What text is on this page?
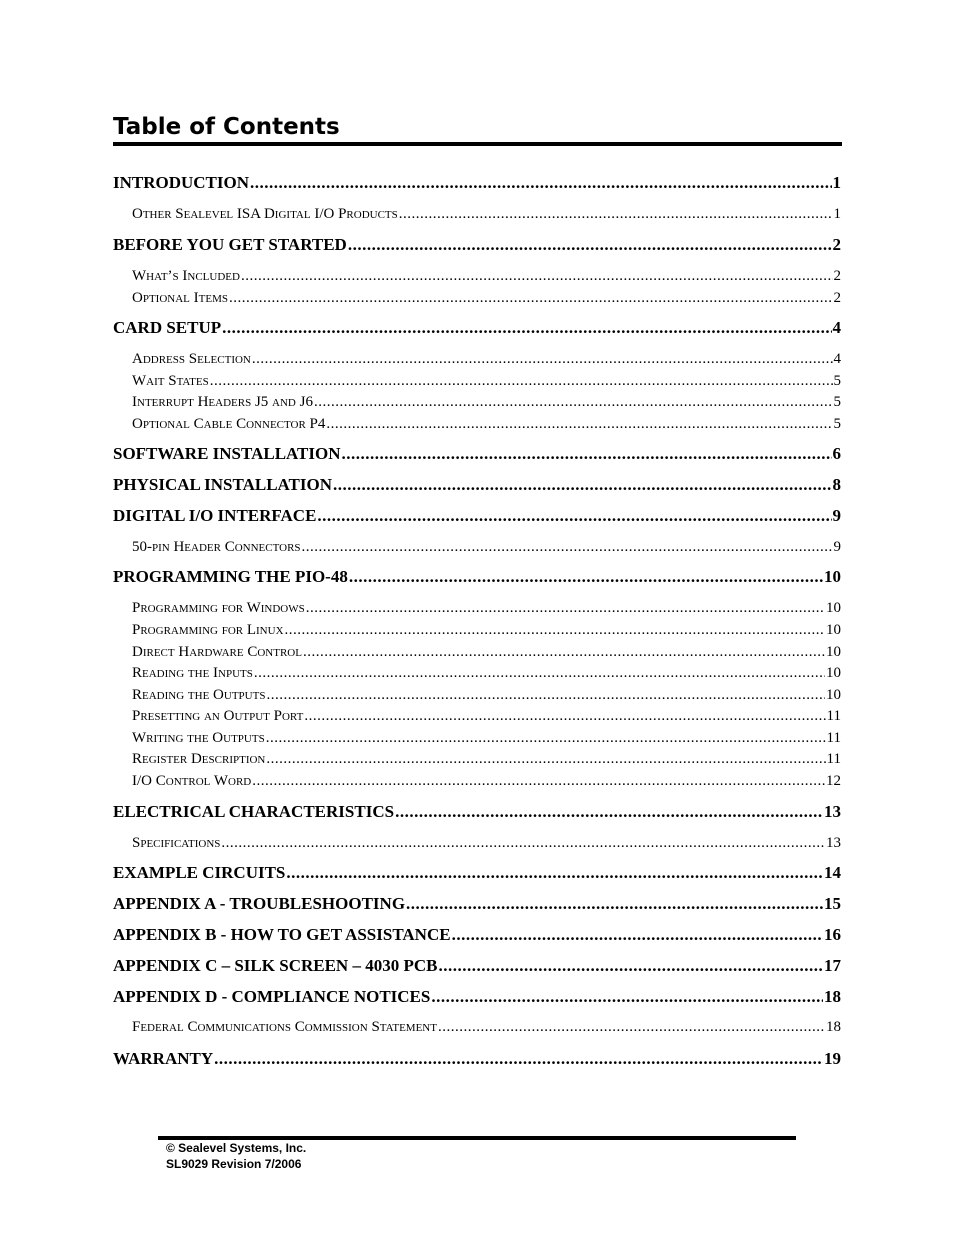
Table of Contents
INTRODUCTION .....	1
Other Sealevel ISA Digital I/O Products .....	1
BEFORE YOU GET STARTED .....	2
What’s Included .....	2
Optional Items .....	2
CARD SETUP .....	4
Address Selection .....	4
Wait States .....	5
Interrupt Headers J5 and J6 .....	5
Optional Cable Connector P4 .....	5
SOFTWARE INSTALLATION .....	6
PHYSICAL INSTALLATION .....	8
DIGITAL I/O INTERFACE .....	9
50-pin Header Connectors .....	9
PROGRAMMING THE PIO-48 .....	10
Programming for Windows .....	10
Programming for Linux .....	10
Direct Hardware Control .....	10
Reading the Inputs .....	10
Reading the Outputs .....	10
Presetting an Output Port .....	11
Writing the Outputs .....	11
Register Description .....	11
I/O Control Word .....	12
ELECTRICAL CHARACTERISTICS .....	13
Specifications .....	13
EXAMPLE CIRCUITS .....	14
APPENDIX A - TROUBLESHOOTING .....	15
APPENDIX B - HOW TO GET ASSISTANCE .....	16
APPENDIX C – SILK SCREEN – 4030 PCB .....	17
APPENDIX D - COMPLIANCE NOTICES .....	18
Federal Communications Commission Statement .....	18
WARRANTY .....	19
© Sealevel Systems, Inc.
SL9029 Revision 7/2006
